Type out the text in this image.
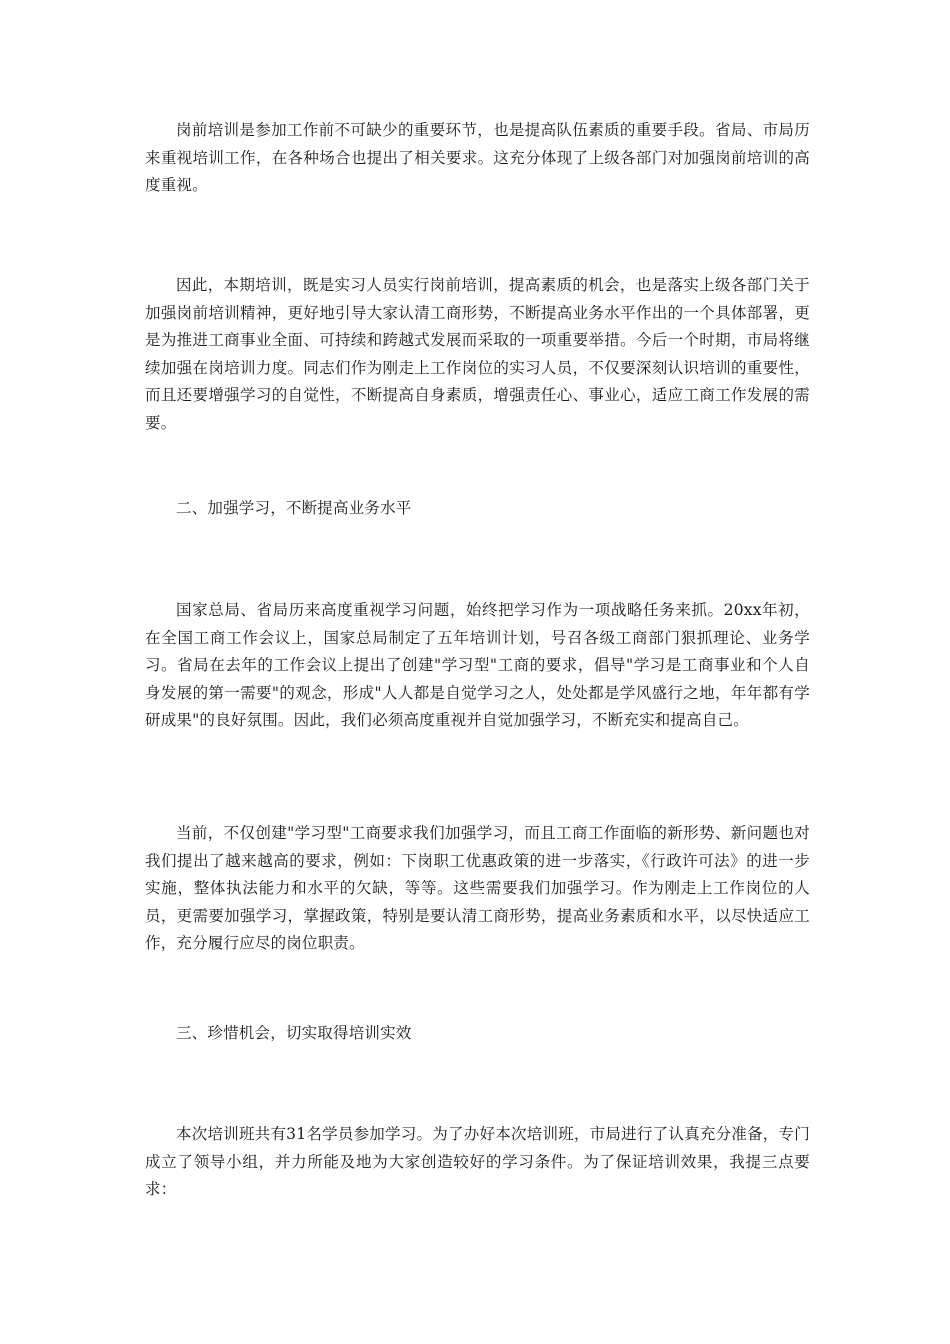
岗前培训是参加工作前不可缺少的重要环节，也是提高队伍素质的重要手段。省局、市局历来重视培训工作，在各种场合也提出了相关要求。这充分体现了上级各部门对加强岗前培训的高度重视。

因此，本期培训，既是实习人员实行岗前培训，提高素质的机会，也是落实上级各部门关于加强岗前培训精神，更好地引导大家认清工商形势，不断提高业务水平作出的一个具体部署，更是为推进工商事业全面、可持续和跨越式发展而采取的一项重要举措。今后一个时期，市局将继续加强在岗培训力度。同志们作为刚走上工作岗位的实习人员，不仅要深刻认识培训的重要性，而且还要增强学习的自觉性，不断提高自身素质，增强责任心、事业心，适应工商工作发展的需要。

二、加强学习，不断提高业务水平

国家总局、省局历来高度重视学习问题，始终把学习作为一项战略任务来抓。20xx年初，在全国工商工作会议上，国家总局制定了五年培训计划，号召各级工商部门狠抓理论、业务学习。省局在去年的工作会议上提出了创建"学习型"工商的要求，倡导"学习是工商事业和个人自身发展的第一需要"的观念，形成"人人都是自觉学习之人，处处都是学风盛行之地，年年都有学研成果"的良好氛围。因此，我们必须高度重视并自觉加强学习，不断充实和提高自己。

当前，不仅创建"学习型"工商要求我们加强学习，而且工商工作面临的新形势、新问题也对我们提出了越来越高的要求，例如：下岗职工优惠政策的进一步落实，《行政许可法》的进一步实施，整体执法能力和水平的欠缺，等等。这些需要我们加强学习。作为刚走上工作岗位的人员，更需要加强学习，掌握政策，特别是要认清工商形势，提高业务素质和水平，以尽快适应工作，充分履行应尽的岗位职责。

三、珍惜机会，切实取得培训实效

本次培训班共有31名学员参加学习。为了办好本次培训班，市局进行了认真充分准备，专门成立了领导小组，并力所能及地为大家创造较好的学习条件。为了保证培训效果，我提三点要求：
